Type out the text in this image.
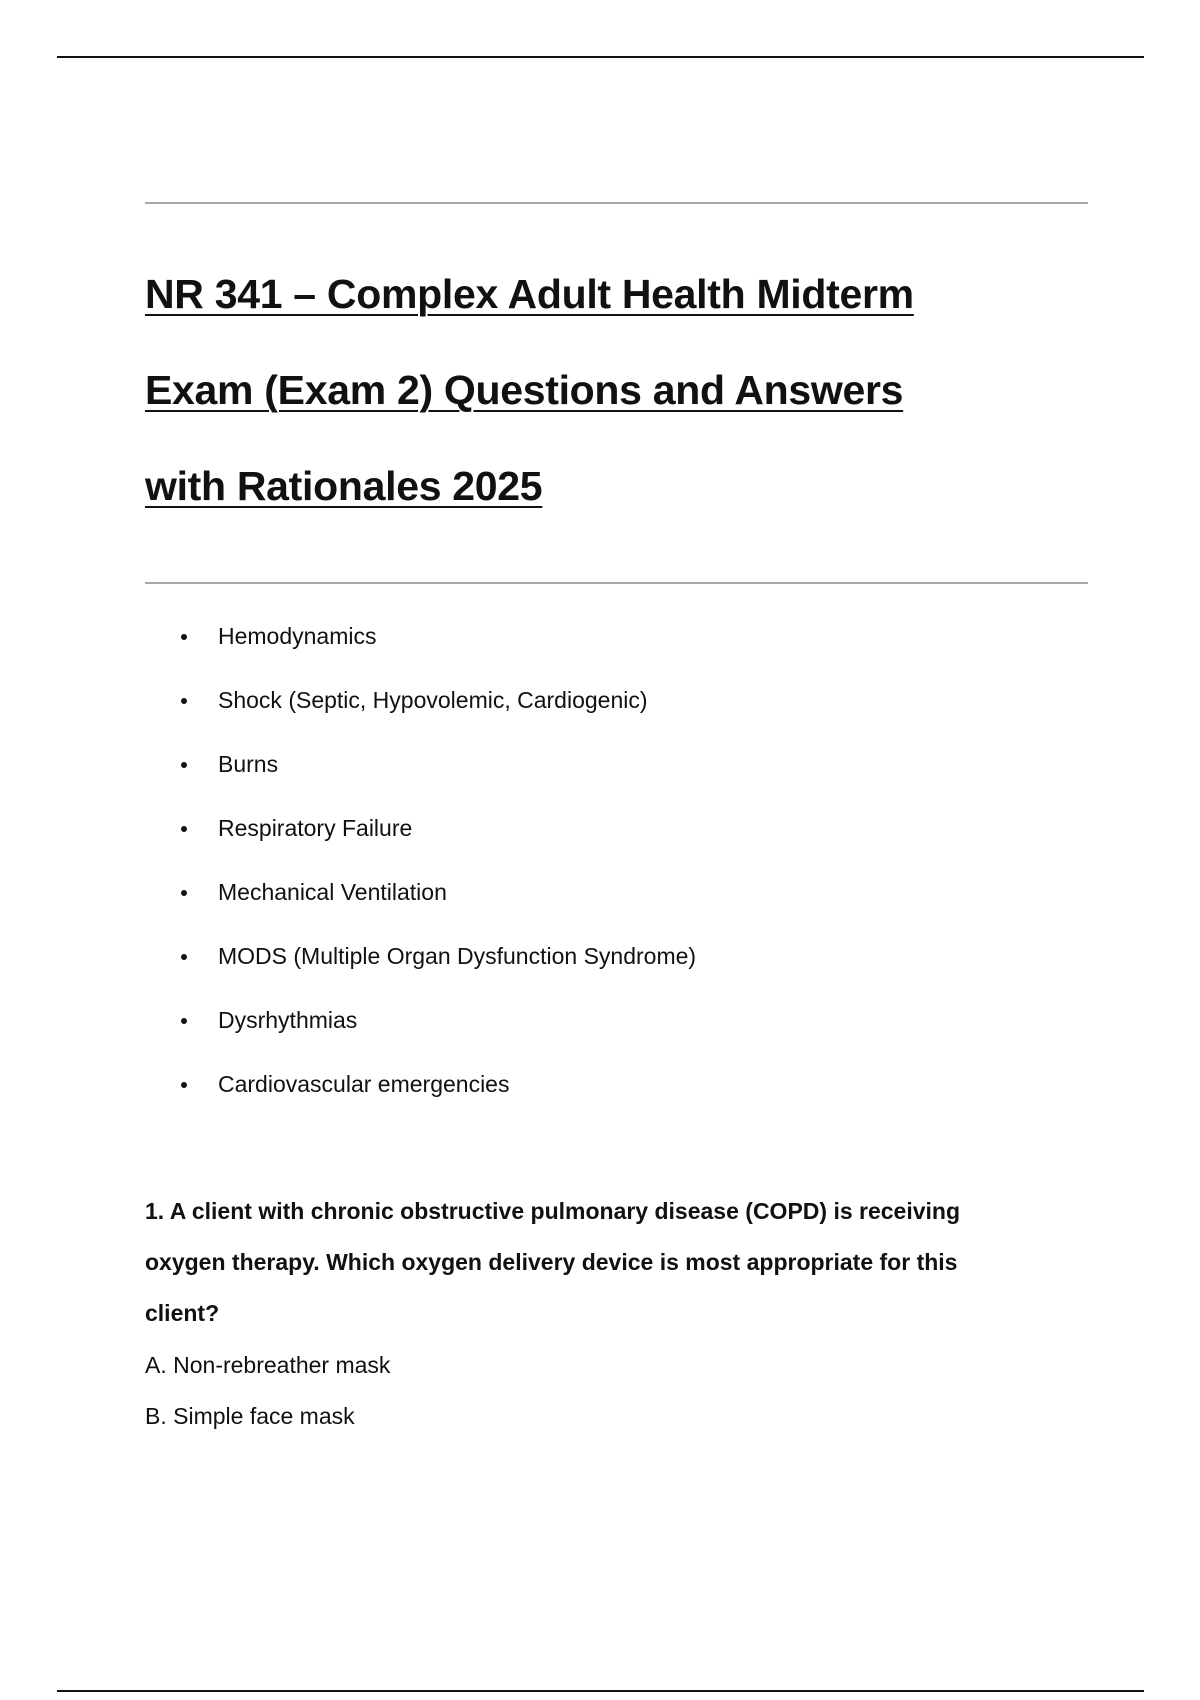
NR 341 – Complex Adult Health Midterm
Exam (Exam 2) Questions and Answers
with Rationales 2025
Hemodynamics
Shock (Septic, Hypovolemic, Cardiogenic)
Burns
Respiratory Failure
Mechanical Ventilation
MODS (Multiple Organ Dysfunction Syndrome)
Dysrhythmias
Cardiovascular emergencies

1. A client with chronic obstructive pulmonary disease (COPD) is receiving
oxygen therapy. Which oxygen delivery device is most appropriate for this
client?

A. Non-rebreather mask
B. Simple face mask
